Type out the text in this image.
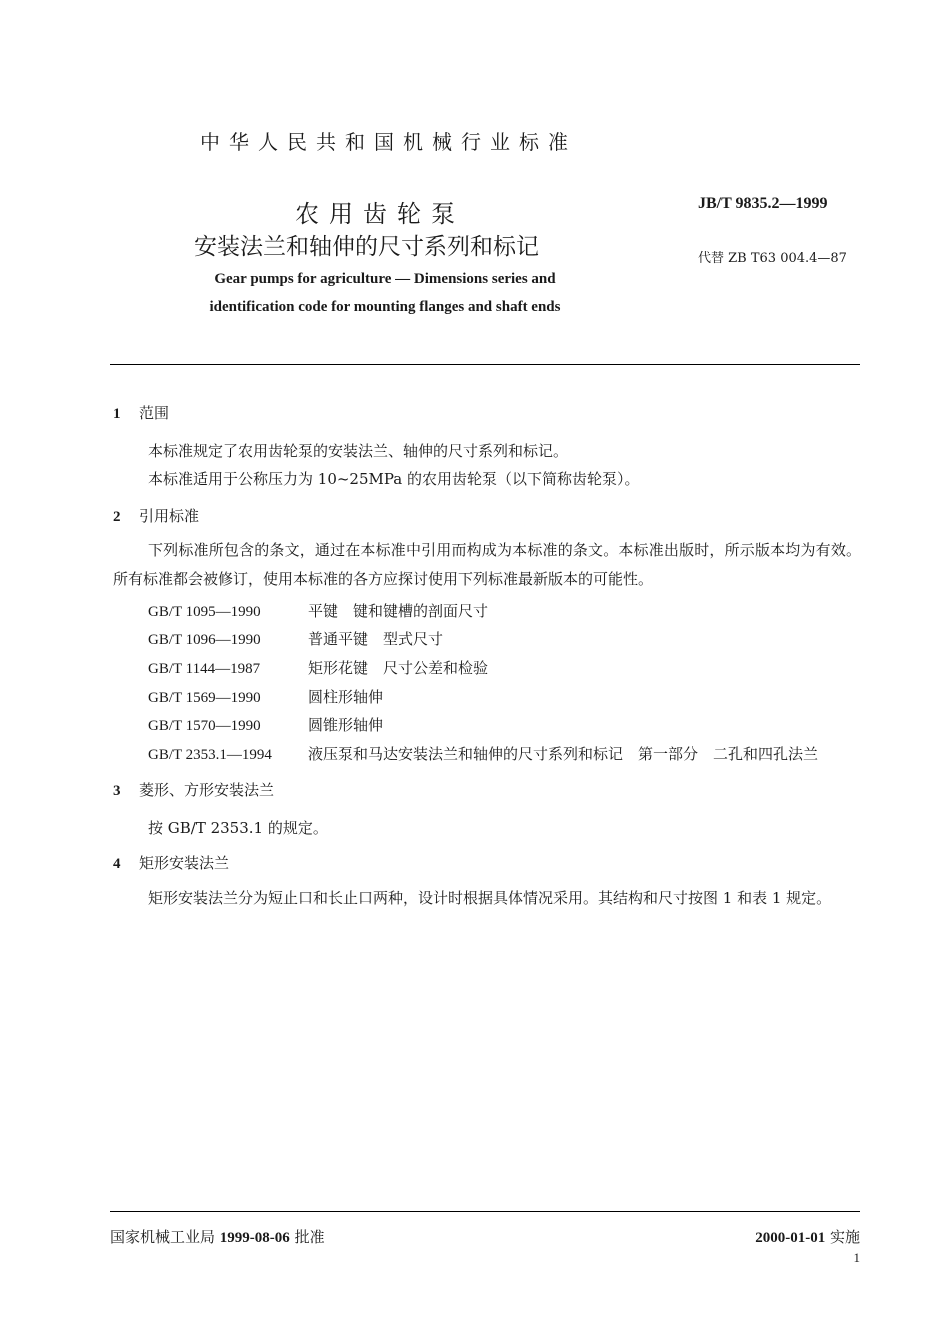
中华人民共和国机械行业标准
农用齿轮泵
安装法兰和轴伸的尺寸系列和标记
Gear pumps for agriculture — Dimensions series and
identification code for mounting flanges and shaft ends
JB/T 9835.2—1999
代替 ZB T63 004.4—87
1 范围
本标准规定了农用齿轮泵的安装法兰、轴伸的尺寸系列和标记。
本标准适用于公称压力为 10~25MPa 的农用齿轮泵（以下简称齿轮泵）。
2 引用标准
下列标准所包含的条文，通过在本标准中引用而构成为本标准的条文。本标准出版时，所示版本均为有效。所有标准都会被修订，使用本标准的各方应探讨使用下列标准最新版本的可能性。
GB/T 1095—1990	平键　键和键槽的剖面尺寸
GB/T 1096—1990	普通平键　型式尺寸
GB/T 1144—1987	矩形花键　尺寸公差和检验
GB/T 1569—1990	圆柱形轴伸
GB/T 1570—1990	圆锥形轴伸
GB/T 2353.1—1994 液压泵和马达安装法兰和轴伸的尺寸系列和标记　第一部分　二孔和四孔法兰
3 菱形、方形安装法兰
按 GB/T 2353.1 的规定。
4 矩形安装法兰
矩形安装法兰分为短止口和长止口两种，设计时根据具体情况采用。其结构和尺寸按图 1 和表 1 规定。
国家机械工业局 1999-08-06 批准	2000-01-01 实施
1
